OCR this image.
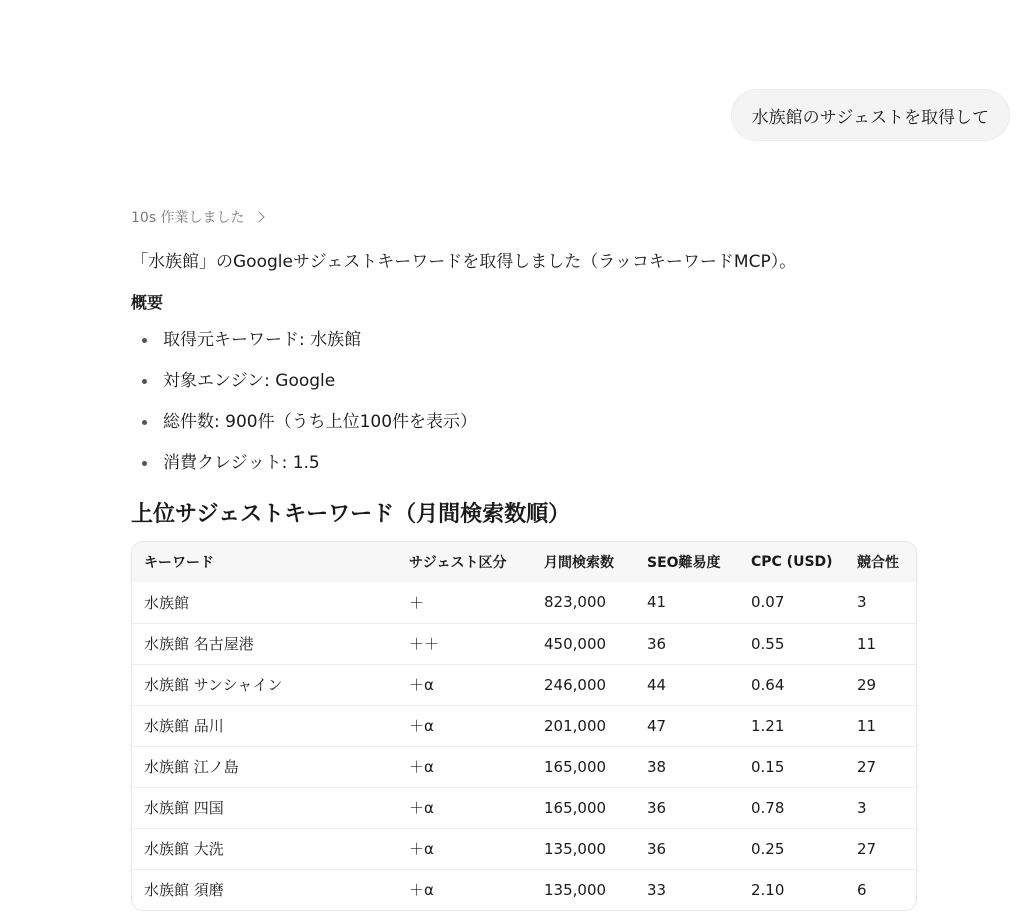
水族館のサジェストを取得して
10s 作業しました

「水族館」のGoogleサジェストキーワードを取得しました（ラッコキーワードMCP）。

概要
取得元キーワード: 水族館
対象エンジン: Google
総件数: 900件（うち上位100件を表示）
消費クレジット: 1.5
上位サジェストキーワード（月間検索数順）
キーワード	サジェスト区分	月間検索数	SEO難易度	CPC (USD)	競合性
水族館	＋	823,000	41	0.07	3
水族館 名古屋港	＋＋	450,000	36	0.55	11
水族館 サンシャイン	＋α	246,000	44	0.64	29
水族館 品川	＋α	201,000	47	1.21	11
水族館 江ノ島	＋α	165,000	38	0.15	27
水族館 四国	＋α	165,000	36	0.78	3
水族館 大洗	＋α	135,000	36	0.25	27
水族館 須磨	＋α	135,000	33	2.10	6
